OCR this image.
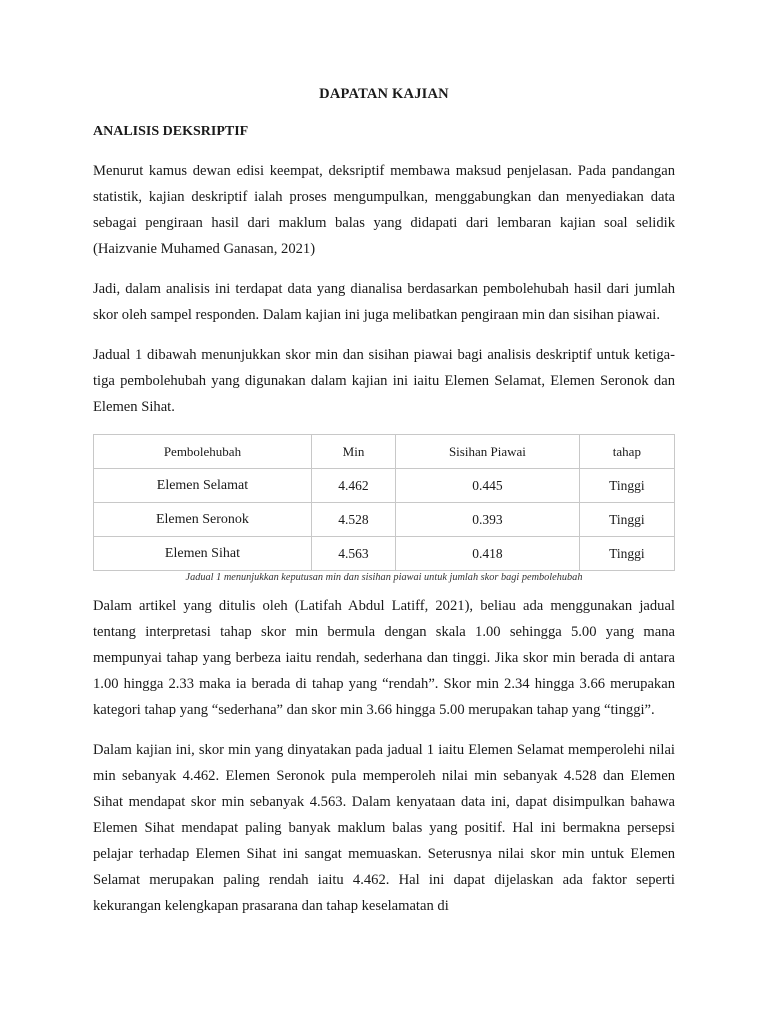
DAPATAN KAJIAN
ANALISIS DEKSRIPTIF

Menurut kamus dewan edisi keempat, deksriptif membawa maksud penjelasan. Pada pandangan statistik, kajian deskriptif ialah proses mengumpulkan, menggabungkan dan menyediakan data sebagai pengiraan hasil dari maklum balas yang didapati dari lembaran kajian soal selidik (Haizvanie Muhamed Ganasan, 2021)

Jadi, dalam analisis ini terdapat data yang dianalisa berdasarkan pembolehubah hasil dari jumlah skor oleh sampel responden. Dalam kajian ini juga melibatkan pengiraan min dan sisihan piawai.

Jadual 1 dibawah menunjukkan skor min dan sisihan piawai bagi analisis deskriptif untuk ketiga-tiga pembolehubah yang digunakan dalam kajian ini iaitu Elemen Selamat, Elemen Seronok dan Elemen Sihat.

Pembolehubah	Min	Sisihan Piawai	tahap
Elemen Selamat	4.462	0.445	Tinggi
Elemen Seronok	4.528	0.393	Tinggi
Elemen Sihat	4.563	0.418	Tinggi
Jadual 1 menunjukkan keputusan min dan sisihan piawai untuk jumlah skor bagi pembolehubah

Dalam artikel yang ditulis oleh (Latifah Abdul Latiff, 2021), beliau ada menggunakan jadual tentang interpretasi tahap skor min bermula dengan skala 1.00 sehingga 5.00 yang mana mempunyai tahap yang berbeza iaitu rendah, sederhana dan tinggi. Jika skor min berada di antara 1.00 hingga 2.33 maka ia berada di tahap yang “rendah”. Skor min 2.34 hingga 3.66 merupakan kategori tahap yang “sederhana” dan skor min 3.66 hingga 5.00 merupakan tahap yang “tinggi”.

Dalam kajian ini, skor min yang dinyatakan pada jadual 1 iaitu Elemen Selamat memperolehi nilai min sebanyak 4.462. Elemen Seronok pula memperoleh nilai min sebanyak 4.528 dan Elemen Sihat mendapat skor min sebanyak 4.563. Dalam kenyataan data ini, dapat disimpulkan bahawa Elemen Sihat mendapat paling banyak maklum balas yang positif. Hal ini bermakna persepsi pelajar terhadap Elemen Sihat ini sangat memuaskan. Seterusnya nilai skor min untuk Elemen Selamat merupakan paling rendah iaitu 4.462. Hal ini dapat dijelaskan ada faktor seperti kekurangan kelengkapan prasarana dan tahap keselamatan di
